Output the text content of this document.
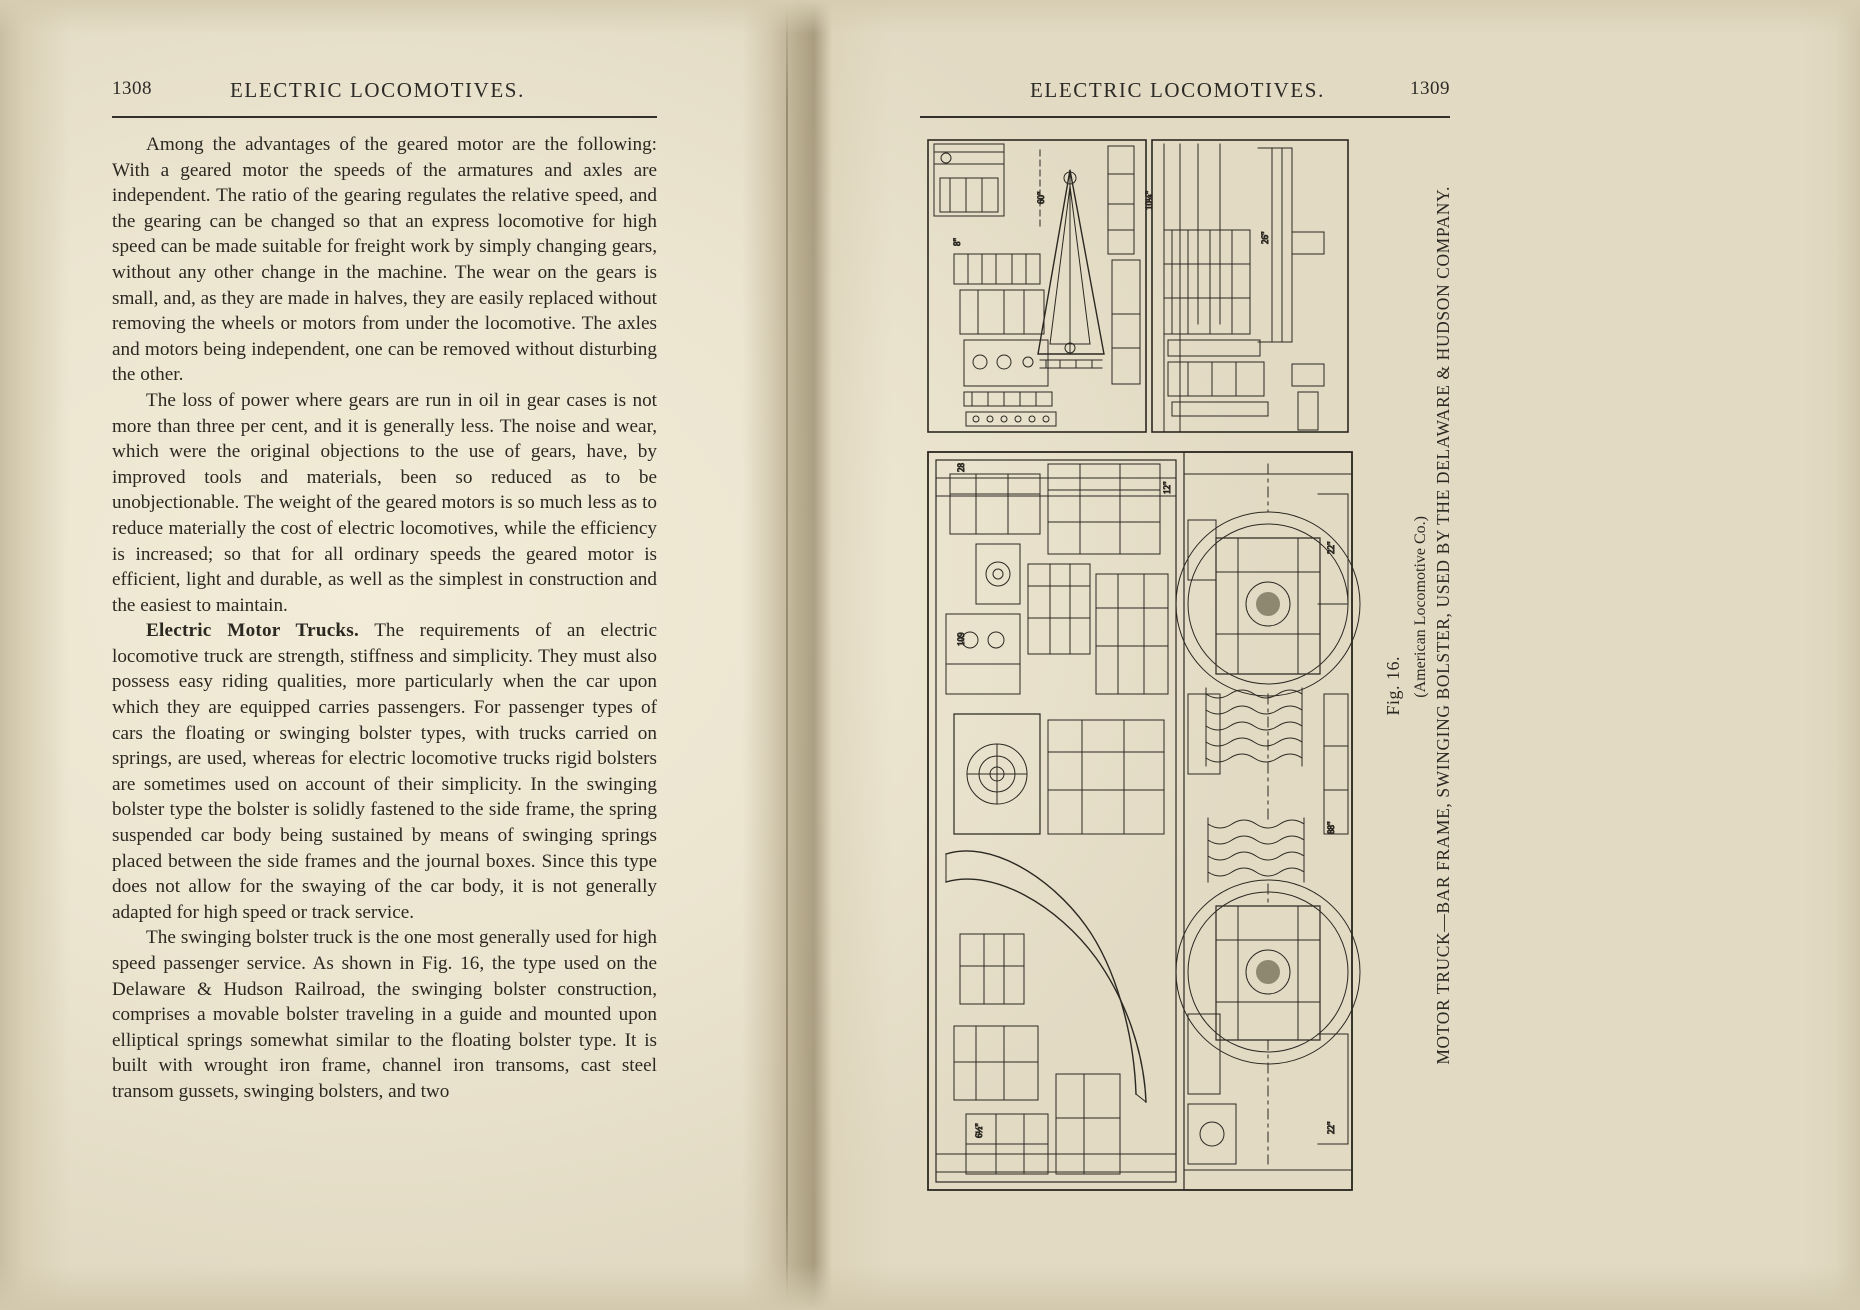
1308	ELECTRIC LOCOMOTIVES.

Among the advantages of the geared motor are the following: With a geared motor the speeds of the armatures and axles are independent. The ratio of the gearing regulates the relative speed, and the gearing can be changed so that an express locomotive for high speed can be made suitable for freight work by simply changing gears, without any other change in the machine. The wear on the gears is small, and, as they are made in halves, they are easily replaced without removing the wheels or motors from under the locomotive. The axles and motors being independent, one can be removed without disturbing the other.

The loss of power where gears are run in oil in gear cases is not more than three per cent, and it is generally less. The noise and wear, which were the original objections to the use of gears, have, by improved tools and materials, been so reduced as to be unobjectionable. The weight of the geared motors is so much less as to reduce materially the cost of electric locomotives, while the efficiency is increased; so that for all ordinary speeds the geared motor is efficient, light and durable, as well as the simplest in construction and the easiest to maintain.

Electric Motor Trucks. The requirements of an electric locomotive truck are strength, stiffness and simplicity. They must also possess easy riding qualities, more particularly when the car upon which they are equipped carries passengers. For passenger types of cars the floating or swinging bolster types, with trucks carried on springs, are used, whereas for electric locomotive trucks rigid bolsters are sometimes used on account of their simplicity. In the swinging bolster type the bolster is solidly fastened to the side frame, the spring suspended car body being sustained by means of swinging springs placed between the side frames and the journal boxes. Since this type does not allow for the swaying of the car body, it is not generally adapted for high speed or track service.

The swinging bolster truck is the one most generally used for high speed passenger service. As shown in Fig. 16, the type used on the Delaware & Hudson Railroad, the swinging bolster construction, comprises a movable bolster traveling in a guide and mounted upon elliptical springs somewhat similar to the floating bolster type. It is built with wrought iron frame, channel iron transoms, cast steel transom gussets, swinging bolsters, and two

ELECTRIC LOCOMOTIVES.	1309
60"	10¼"
8"	26"
28
109
6½"
22"
88"
22"
12"	MOTOR TRUCK—BAR FRAME, SWINGING BOLSTER, USED BY THE DELAWARE & HUDSON COMPANY.
(American Locomotive Co.)
Fig. 16.
